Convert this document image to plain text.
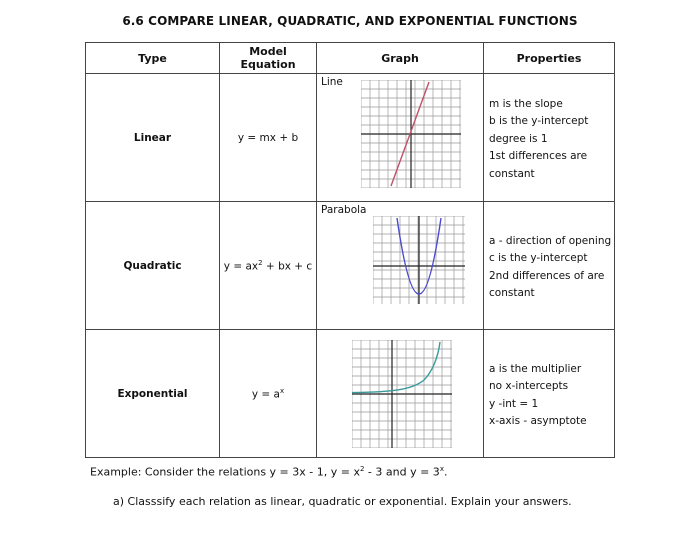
6.6 COMPARE LINEAR, QUADRATIC, AND EXPONENTIAL FUNCTIONS
Type	Model Equation	Graph	Properties
Linear	y = mx + b	Line	m is the slope
b is the y-intercept
degree is 1
1st differences are
constant

Quadratic	$y = ax^2$ + bx + c	Parabola	a - direction of opening
c is the y-intercept
2nd differences of are
constant

Exponential	$y = a^x$		a is the multiplier
no x-intercepts
y -int = 1
x-axis - asymptote
Example: Consider the relations y = 3x - 1, $y = x^2 - 3$ and $y = 3^x$.
a) Classsify each relation as linear, quadratic or exponential. Explain your answers.
